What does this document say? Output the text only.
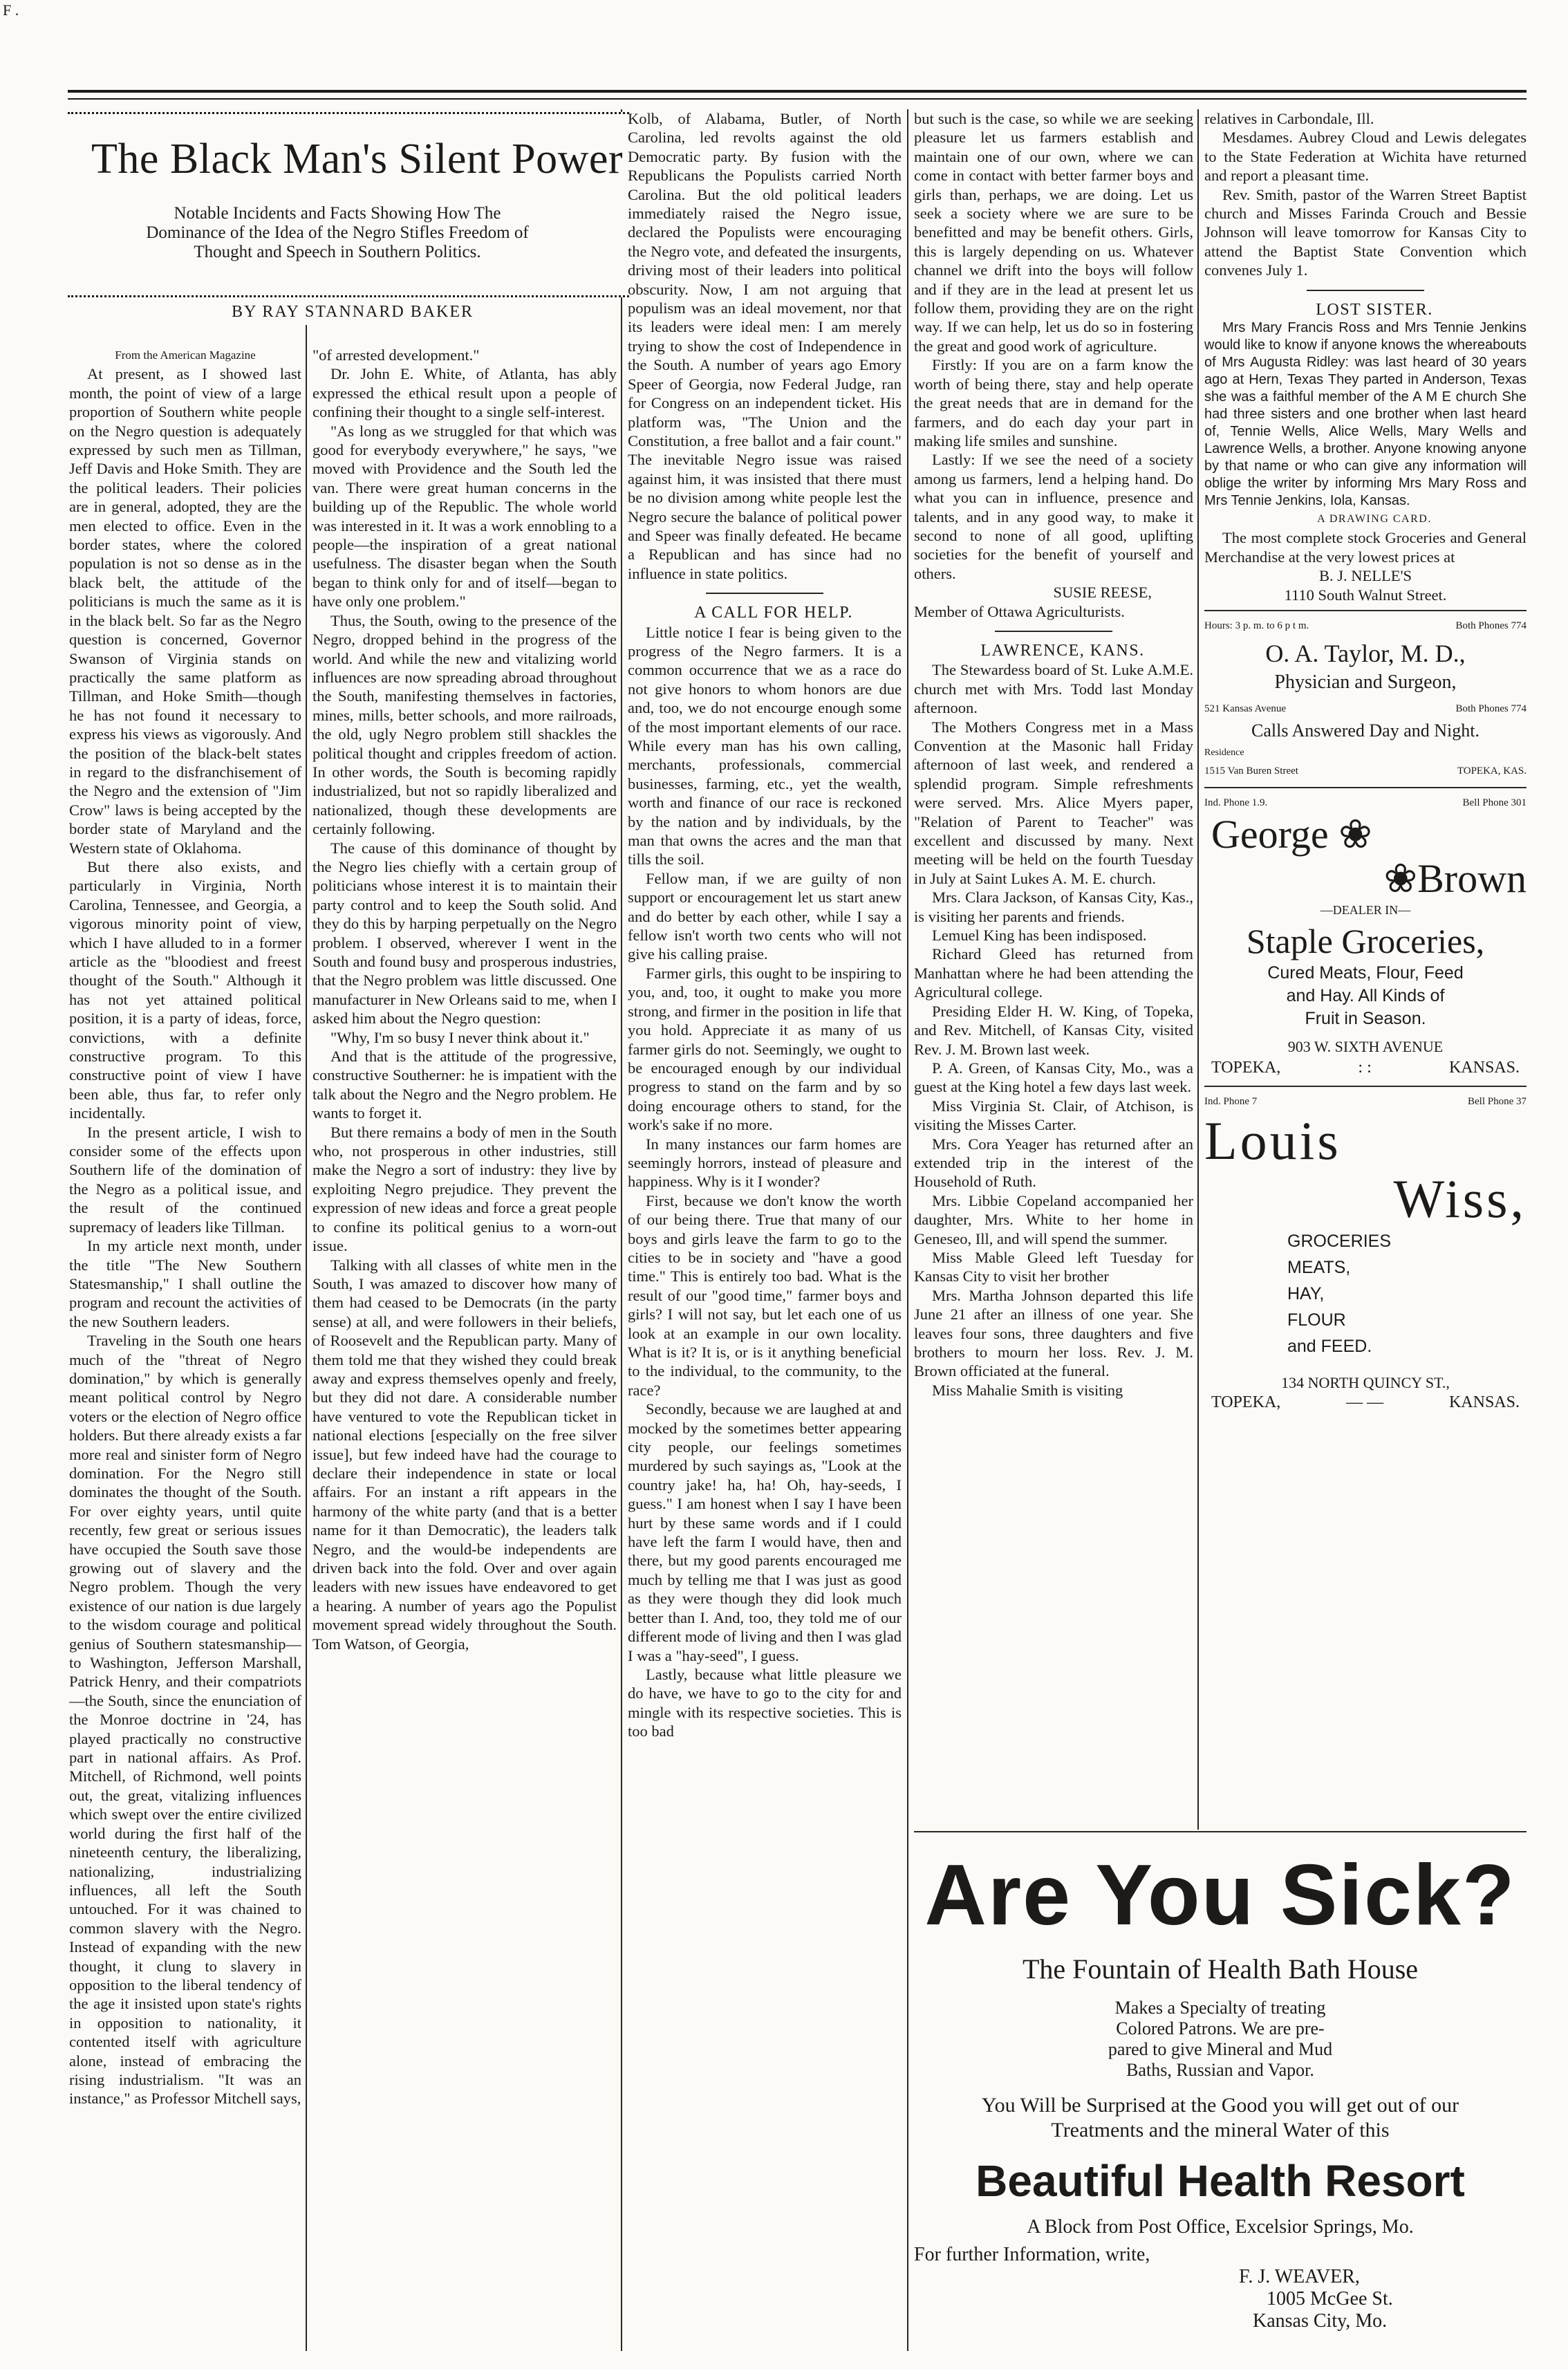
F .

From the American Magazine

At present, as I showed last month, the point of view of a large proportion of Southern white people on the Negro question is adequately expressed by such men as Tillman, Jeff Davis and Hoke Smith. They are the political leaders. Their policies are in general, adopted, they are the men elected to office. Even in the border states, where the colored population is not so dense as in the black belt, the attitude of the politicians is much the same as it is in the black belt. So far as the Negro question is concerned, Governor Swanson of Virginia stands on practically the same platform as Tillman, and Hoke Smith—though he has not found it necessary to express his views as vigorously. And the position of the black-belt states in regard to the disfranchisement of the Negro and the extension of "Jim Crow" laws is being accepted by the border state of Maryland and the Western state of Oklahoma.

But there also exists, and particularly in Virginia, North Carolina, Tennessee, and Georgia, a vigorous minority point of view, which I have alluded to in a former article as the "bloodiest and freest thought of the South." Although it has not yet attained political position, it is a party of ideas, force, convictions, with a definite constructive program. To this constructive point of view I have been able, thus far, to refer only incidentally.

In the present article, I wish to consider some of the effects upon Southern life of the domination of the Negro as a political issue, and the result of the continued supremacy of leaders like Tillman.

In my article next month, under the title "The New Southern Statesmanship," I shall outline the program and recount the activities of the new Southern leaders.

Traveling in the South one hears much of the "threat of Negro domination," by which is generally meant political control by Negro voters or the election of Negro office holders. But there already exists a far more real and sinister form of Negro domination. For the Negro still dominates the thought of the South. For over eighty years, until quite recently, few great or serious issues have occupied the South save those growing out of slavery and the Negro problem. Though the very existence of our nation is due largely to the wisdom courage and political genius of Southern statesmanship—to Washington, Jefferson Marshall, Patrick Henry, and their compatriots—the South, since the enunciation of the Monroe doctrine in '24, has played practically no constructive part in national affairs. As Prof. Mitchell, of Richmond, well points out, the great, vitalizing influences which swept over the entire civilized world during the first half of the nineteenth century, the liberalizing, nationalizing, industrializing influences, all left the South untouched. For it was chained to common slavery with the Negro. Instead of expanding with the new thought, it clung to slavery in opposition to the liberal tendency of the age it insisted upon state's rights in opposition to nationality, it contented itself with agriculture alone, instead of embracing the rising industrialism. "It was an instance," as Professor Mitchell says,

"of arrested development."

Dr. John E. White, of Atlanta, has ably expressed the ethical result upon a people of confining their thought to a single self-interest.

"As long as we struggled for that which was good for everybody everywhere," he says, "we moved with Providence and the South led the van. There were great human concerns in the building up of the Republic. The whole world was interested in it. It was a work ennobling to a people—the inspiration of a great national usefulness. The disaster began when the South began to think only for and of itself—began to have only one problem."

Thus, the South, owing to the presence of the Negro, dropped behind in the progress of the world. And while the new and vitalizing world influences are now spreading abroad throughout the South, manifesting themselves in factories, mines, mills, better schools, and more railroads, the old, ugly Negro problem still shackles the political thought and cripples freedom of action. In other words, the South is becoming rapidly industrialized, but not so rapidly liberalized and nationalized, though these developments are certainly following.

The cause of this dominance of thought by the Negro lies chiefly with a certain group of politicians whose interest it is to maintain their party control and to keep the South solid. And they do this by harping perpetually on the Negro problem. I observed, wherever I went in the South and found busy and prosperous industries, that the Negro problem was little discussed. One manufacturer in New Orleans said to me, when I asked him about the Negro question:

"Why, I'm so busy I never think about it."

And that is the attitude of the progressive, constructive Southerner: he is impatient with the talk about the Negro and the Negro problem. He wants to forget it.

But there remains a body of men in the South who, not prosperous in other industries, still make the Negro a sort of industry: they live by exploiting Negro prejudice. They prevent the expression of new ideas and force a great people to confine its political genius to a worn-out issue.

Talking with all classes of white men in the South, I was amazed to discover how many of them had ceased to be Democrats (in the party sense) at all, and were followers in their beliefs, of Roosevelt and the Republican party. Many of them told me that they wished they could break away and express themselves openly and freely, but they did not dare. A considerable number have ventured to vote the Republican ticket in national elections [especially on the free silver issue], but few indeed have had the courage to declare their independence in state or local affairs. For an instant a rift appears in the harmony of the white party (and that is a better name for it than Democratic), the leaders talk Negro, and the would-be independents are driven back into the fold. Over and over again leaders with new issues have endeavored to get a hearing. A number of years ago the Populist movement spread widely throughout the South. Tom Watson, of Georgia,

The Black Man's Silent Power
Notable Incidents and Facts Showing How The Dominance of the Idea of the Negro Stifles Freedom of Thought and Speech in Southern Politics.
BY RAY STANNARD BAKER

Kolb, of Alabama, Butler, of North Carolina, led revolts against the old Democratic party. By fusion with the Republicans the Populists carried North Carolina. But the old political leaders immediately raised the Negro issue, declared the Populists were encouraging the Negro vote, and defeated the insurgents, driving most of their leaders into political obscurity. Now, I am not arguing that populism was an ideal movement, nor that its leaders were ideal men: I am merely trying to show the cost of Independence in the South. A number of years ago Emory Speer of Georgia, now Federal Judge, ran for Congress on an independent ticket. His platform was, "The Union and the Constitution, a free ballot and a fair count." The inevitable Negro issue was raised against him, it was insisted that there must be no division among white people lest the Negro secure the balance of political power and Speer was finally defeated. He became a Republican and has since had no influence in state politics.

A CALL FOR HELP.

Little notice I fear is being given to the progress of the Negro farmers. It is a common occurrence that we as a race do not give honors to whom honors are due and, too, we do not encourge enough some of the most important elements of our race. While every man has his own calling, merchants, professionals, commercial businesses, farming, etc., yet the wealth, worth and finance of our race is reckoned by the nation and by individuals, by the man that owns the acres and the man that tills the soil.

Fellow man, if we are guilty of non support or encouragement let us start anew and do better by each other, while I say a fellow isn't worth two cents who will not give his calling praise.

Farmer girls, this ought to be inspiring to you, and, too, it ought to make you more strong, and firmer in the position in life that you hold. Appreciate it as many of us farmer girls do not. Seemingly, we ought to be encouraged enough by our individual progress to stand on the farm and by so doing encourage others to stand, for the work's sake if no more.

In many instances our farm homes are seemingly horrors, instead of pleasure and happiness. Why is it I wonder?

First, because we don't know the worth of our being there. True that many of our boys and girls leave the farm to go to the cities to be in society and "have a good time." This is entirely too bad. What is the result of our "good time," farmer boys and girls? I will not say, but let each one of us look at an example in our own locality. What is it? It is, or is it anything beneficial to the individual, to the community, to the race?

Secondly, because we are laughed at and mocked by the sometimes better appearing city people, our feelings sometimes murdered by such sayings as, "Look at the country jake! ha, ha! Oh, hay-seeds, I guess." I am honest when I say I have been hurt by these same words and if I could have left the farm I would have, then and there, but my good parents encouraged me much by telling me that I was just as good as they were though they did look much better than I. And, too, they told me of our different mode of living and then I was glad I was a "hay-seed", I guess.

Lastly, because what little pleasure we do have, we have to go to the city for and mingle with its respective societies. This is too bad

but such is the case, so while we are seeking pleasure let us farmers establish and maintain one of our own, where we can come in contact with better farmer boys and girls than, perhaps, we are doing. Let us seek a society where we are sure to be benefitted and may be benefit others. Girls, this is largely depending on us. Whatever channel we drift into the boys will follow and if they are in the lead at present let us follow them, providing they are on the right way. If we can help, let us do so in fostering the great and good work of agriculture.

Firstly: If you are on a farm know the worth of being there, stay and help operate the great needs that are in demand for the farmers, and do each day your part in making life smiles and sunshine.

Lastly: If we see the need of a society among us farmers, lend a helping hand. Do what you can in influence, presence and talents, and in any good way, to make it second to none of all good, uplifting societies for the benefit of yourself and others.

SUSIE REESE,

Member of Ottawa Agriculturists.

LAWRENCE, KANS.

The Stewardess board of St. Luke A.M.E. church met with Mrs. Todd last Monday afternoon.

The Mothers Congress met in a Mass Convention at the Masonic hall Friday afternoon of last week, and rendered a splendid program. Simple refreshments were served. Mrs. Alice Myers paper, "Relation of Parent to Teacher" was excellent and discussed by many. Next meeting will be held on the fourth Tuesday in July at Saint Lukes A. M. E. church.

Mrs. Clara Jackson, of Kansas City, Kas., is visiting her parents and friends.

Lemuel King has been indisposed.

Richard Gleed has returned from Manhattan where he had been attending the Agricultural college.

Presiding Elder H. W. King, of Topeka, and Rev. Mitchell, of Kansas City, visited Rev. J. M. Brown last week.

P. A. Green, of Kansas City, Mo., was a guest at the King hotel a few days last week.

Miss Virginia St. Clair, of Atchison, is visiting the Misses Carter.

Mrs. Cora Yeager has returned after an extended trip in the interest of the Household of Ruth.

Mrs. Libbie Copeland accompanied her daughter, Mrs. White to her home in Geneseo, Ill, and will spend the summer.

Miss Mable Gleed left Tuesday for Kansas City to visit her brother

Mrs. Martha Johnson departed this life June 21 after an illness of one year. She leaves four sons, three daughters and five brothers to mourn her loss. Rev. J. M. Brown officiated at the funeral.

Miss Mahalie Smith is visiting

relatives in Carbondale, Ill.

Mesdames. Aubrey Cloud and Lewis delegates to the State Federation at Wichita have returned and report a pleasant time.

Rev. Smith, pastor of the Warren Street Baptist church and Misses Farinda Crouch and Bessie Johnson will leave tomorrow for Kansas City to attend the Baptist State Convention which convenes July 1.

LOST SISTER.

Mrs Mary Francis Ross and Mrs Tennie Jenkins would like to know if anyone knows the whereabouts of Mrs Augusta Ridley: was last heard of 30 years ago at Hern, Texas They parted in Anderson, Texas she was a faithful member of the A M E church She had three sisters and one brother when last heard of, Tennie Wells, Alice Wells, Mary Wells and Lawrence Wells, a brother. Anyone knowing anyone by that name or who can give any information will oblige the writer by informing Mrs Mary Ross and Mrs Tennie Jenkins, Iola, Kansas.

A DRAWING CARD.

The most complete stock Groceries and General Merchandise at the very lowest prices at

B. J. NELLE'S

1110 South Walnut Street.

Hours: 3 p. m. to 6 p t m.	Both Phones 774
O. A. Taylor, M. D.,
Physician and Surgeon,
521 Kansas Avenue	Both Phones 774
Calls Answered Day and Night.
Residence
1515 Van Buren Street	TOPEKA, KAS.
Ind. Phone 1.9.	Bell Phone 301
George ❀
❀Brown
—DEALER IN—
Staple Groceries,
Cured Meats, Flour, Feed
and Hay. All Kinds of
Fruit in Season.
903 W. SIXTH AVENUE
TOPEKA,	: :	KANSAS.
Ind. Phone 7	Bell Phone 37
Louis
Wiss,
GROCERIES
MEATS,
HAY,
FLOUR
and FEED.
134 NORTH QUINCY ST.,
TOPEKA,	— —	KANSAS.
Are You Sick?
The Fountain of Health Bath House
Makes a Specialty of treating
Colored Patrons. We are pre-
pared to give Mineral and Mud
Baths, Russian and Vapor.
You Will be Surprised at the Good you will get out of our
Treatments and the mineral Water of this
Beautiful Health Resort
A Block from Post Office, Excelsior Springs, Mo.
For further Information, write,
F. J. WEAVER,
1005 McGee St.
Kansas City, Mo.
